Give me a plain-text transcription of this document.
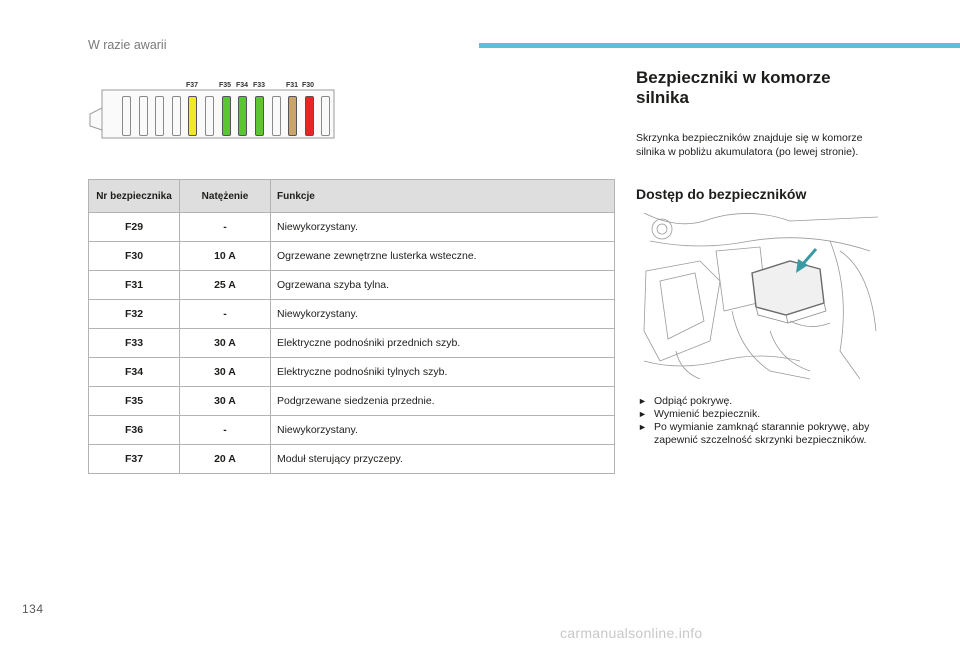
W razie awarii
F37	F35 F34 F33	F31 F30
Nr bezpiecznika	Natężenie	Funkcje
F29	-	Niewykorzystany.
F30	10 A	Ogrzewane zewnętrzne lusterka wsteczne.
F31	25 A	Ogrzewana szyba tylna.
F32	-	Niewykorzystany.
F33	30 A	Elektryczne podnośniki przednich szyb.
F34	30 A	Elektryczne podnośniki tylnych szyb.
F35	30 A	Podgrzewane siedzenia przednie.
F36	-	Niewykorzystany.
F37	20 A	Moduł sterujący przyczepy.
Bezpieczniki w komorze silnika

Skrzynka bezpieczników znajduje się w komorze silnika w pobliżu akumulatora (po lewej stronie).

Dostęp do bezpieczników
► Odpiąć pokrywę.
► Wymienić bezpiecznik.
► Po wymianie zamknąć starannie pokrywę, aby zapewnić szczelność skrzynki bezpieczników.
134
carmanualsonline.info
